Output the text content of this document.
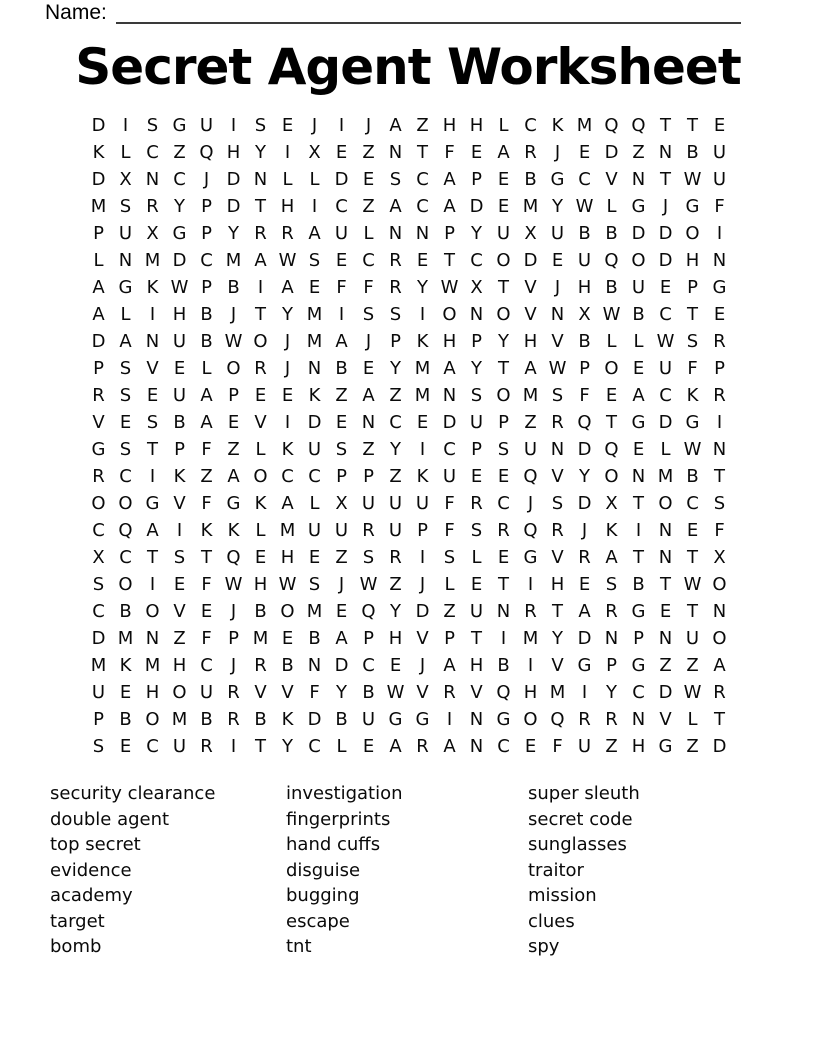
Name:
Secret Agent Worksheet
D I	S G U I	S E	J	I	J	A Z H H L C K M Q Q T T E
K L C Z Q H Y	I	X E Z N T F E A R	J	E D Z N B U
D X N C	J D N L L D E S C A P E B G C V N T W U
M S R Y P D T H I	C Z A C A D E M Y W L G J G F
P U X G P Y R R A U L N N P Y U X U B B D D O I
L N M D C M A W S E C R E T C O D E U Q O D H N
A G K W P B	I	A E F F R Y W X T V	J H B U E P G
A L	I H B	J	T Y M I	S S	I O N O V N X W B C T E
D A N U B W O J M A	J	P K H P Y H V B L L W S R
P S V E L O R	J N B E Y M A Y T A W P O E U F P
R S E U A P E E K Z A Z M N S O M S F E A C K R
V E S B A E V	I D E N C E D U P Z R Q T G D G I
G S T P F Z L K U S Z Y	I	C P S U N D Q E L W N
R C	I	K Z A O C C P P Z K U E E Q V Y O N M B T
O O G V F G K A L X U U U F R C	J	S D X T O C S
C Q A	I	K K L M U U R U P F S R Q R	J	K	I N E F
X C T S T Q E H E Z S R	I	S L E G V R A T N T X
S O I	E F W H W S	J W Z	J	L E T	I H E S B T W O
C B O V E	J	B O M E Q Y D Z U N R T A R G E T N
D M N Z F P M E B A P H V P T	I M Y D N P N U O
M K M H C	J	R B N D C E	J	A H B	I	V G P G Z Z A
U E H O U R V V F Y B W V R V Q H M I	Y C D W R
P B O M B R B K D B U G G I N G O Q R R N V L T
S E C U R	I	T Y C L E A R A N C E F U Z H G Z D
security clearance
double agent
top secret
evidence
academy
target
bomb
investigation
fingerprints
hand cuffs
disguise
bugging
escape
tnt
super sleuth
secret code
sunglasses
traitor
mission
clues
spy
